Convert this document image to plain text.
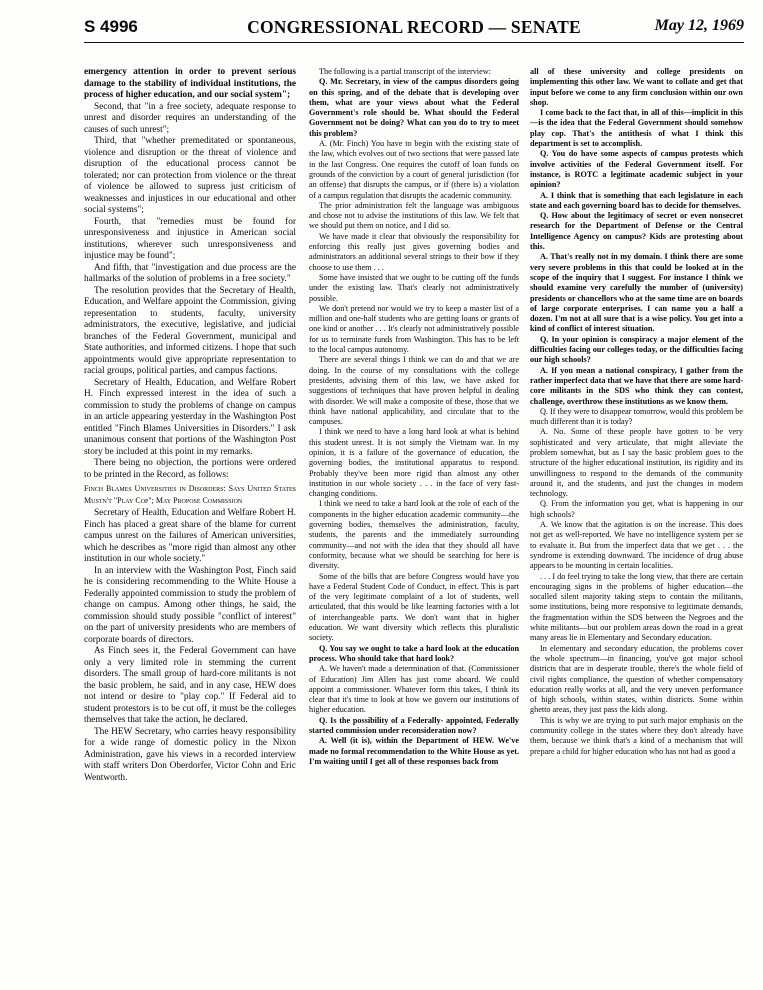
S 4996	CONGRESSIONAL RECORD — SENATE	May 12, 1969

emergency attention in order to prevent serious damage to the stability of individual institutions, the process of higher education, and our social system";

Second, that "in a free society, adequate response to unrest and disorder requires an understanding of the causes of such unrest";

Third, that "whether premeditated or spontaneous, violence and disruption or the threat of violence and disruption of the educational process cannot be tolerated; nor can protection from violence or the threat of violence be allowed to supress just criticism of weaknesses and injustices in our educational and other social systems";

Fourth, that "remedies must be found for unresponsiveness and injustice in American social institutions, wherever such unresponsiveness and injustice may be found";

And fifth, that "investigation and due process are the hallmarks of the solution of problems in a free society."

The resolution provides that the Secretary of Health, Education, and Welfare appoint the Commission, giving representation to students, faculty, university administrators, the executive, legislative, and judicial branches of the Federal Government, municipal and State authorities, and informed citizens. I hope that such appointments would give appropriate representation to racial groups, political parties, and campus factions.

Secretary of Health, Education, and Welfare Robert H. Finch expressed interest in the idea of such a commission to study the problems of change on campus in an article appearing yesterday in the Washington Post entitled "Finch Blames Universities in Disorders." I ask unanimous consent that portions of the Washington Post story be included at this point in my remarks.

There being no objection, the portions were ordered to be printed in the Record, as follows:

Finch Blames Universities in Disorders: Says United States Mustn't "Play Cop"; May Propose Commission

Secretary of Health, Education and Welfare Robert H. Finch has placed a great share of the blame for current campus unrest on the failures of American universities, which he describes as "more rigid than almost any other institution in our whole society."

In an interview with the Washington Post, Finch said he is considering recommending to the White House a Federally appointed commission to study the problem of change on campus. Among other things, he said, the commission should study possible "conflict of interest" on the part of university presidents who are members of corporate boards of directors.

As Finch sees it, the Federal Government can have only a very limited role in stemming the current disorders. The small group of hard-core militants is not the basic problem, he said, and in any case, HEW does not intend or desire to "play cop." If Federal aid to student protestors is to be cut off, it must be the colleges themselves that take the action, he declared.

The HEW Secretary, who carries heavy responsibility for a wide range of domestic policy in the Nixon Administration, gave his views in a recorded interview with staff writers Don Oberdorfer, Victor Cohn and Eric Wentworth.

The following is a partial transcript of the interview:

Q. Mr. Secretary, in view of the campus disorders going on this spring, and of the debate that is developing over them, what are your views about what the Federal Government's role should be. What should the Federal Government not be doing? What can you do to try to meet this problem?

A. (Mr. Finch) You have to begin with the existing state of the law, which evolves out of two sections that were passed late in the last Congress. One requires the cutoff of loan funds on grounds of the conviction by a court of general jurisdiction (for an offense) that disrupts the campus, or if (there is) a violation of a campus regulation that disrupts the academic community.

The prior administration felt the language was ambiguous and chose not to advise the institutions of this law. We felt that we should put them on notice, and I did so.

We have made it clear that obviously the responsibility for enforcing this really just gives governing bodies and administrators an additional several strings to their bow if they choose to use them . . .

Some have insisted that we ought to be cutting off the funds under the existing law. That's clearly not administratively possible.

We don't pretend nor would we try to keep a master list of a million and one-half students who are getting loans or grants of one kind or another . . . It's clearly not administratively possible for us to terminate funds from Washington. This has to be left to the local campus autonomy.

There are several things I think we can do and that we are doing. In the course of my consultations with the college presidents, advising them of this law, we have asked for suggestions of techniques that have proven helpful in dealing with disorder. We will make a composite of these, those that we think have national applicability, and circulate that to the campuses.

I think we need to have a long hard look at what is behind this student unrest. It is not simply the Vietnam war. In my opinion, it is a failure of the governance of education, the governing bodies, the institutional apparatus to respond. Probably they've been more rigid than almost any other institution in our whole society . . . in the face of very fast-changing conditions.

I think we need to take a hard look at the role of each of the components in the higher education academic community—the governing bodies, themselves the administration, faculty, students, the parents and the immediately surrounding community—and not with the idea that they should all have conformity, because what we should be searching for here is diversity.

Some of the bills that are before Congress would have you have a Federal Student Code of Conduct, in effect. This is part of the very legitimate complaint of a lot of students, well articulated, that this would be like learning factories with a lot of interchangeable parts. We don't want that in higher education. We want diversity which reflects this pluralistic society.

Q. You say we ought to take a hard look at the education process. Who should take that hard look?

A. We haven't made a determination of that. (Commissioner of Education) Jim Allen has just come aboard. We could appoint a commissioner. Whatever form this takes, I think its clear that it's time to look at how we govern our institutions of higher education.

Q. Is the possibility of a Federally- appointed, Federally started commission under reconsideration now?

A. Well (it is), within the Department of HEW. We've made no formal recommendation to the White House as yet. I'm waiting until I get all of these responses back from

all of these university and college presidents on implementing this other law. We want to collate and get that input before we come to any firm conclusion within our own shop.

I come back to the fact that, in all of this—implicit in this—is the idea that the Federal Government should somehow play cop. That's the antithesis of what I think this department is set to accomplish.

Q. You do have some aspects of campus protests which involve activities of the Federal Government itself. For instance, is ROTC a legitimate academic subject in your opinion?

A. I think that is something that each legislature in each state and each governing board has to decide for themselves.

Q. How about the legitimacy of secret or even nonsecret research for the Department of Defense or the Central Intelligence Agency on campus? Kids are protesting about this.

A. That's really not in my domain. I think there are some very severe problems in this that could be looked at in the scope of the inquiry that I suggest. For instance I think we should examine very carefully the number of (university) presidents or chancellors who at the same time are on boards of large corporate enterprises. I can name you a half a dozen. I'm not at all sure that is a wise policy. You get into a kind of conflict of interest situation.

Q. In your opinion is conspiracy a major element of the difficulties facing our colleges today, or the difficulties facing our high schools?

A. If you mean a national conspiracy, I gather from the rather imperfect data that we have that there are some hard-core militants in the SDS who think they can contest, challenge, overthrow these institutions as we know them.

Q. If they were to disappear tomorrow, would this problem be much different than it is today?

A. No. Some of these people have gotten to be very sophisticated and very articulate, that might alleviate the problem somewhat, but as I say the basic problem goes to the structure of the higher educational institution, its rigidity and its unwillingness to respond to the demands of the community around it, and the students, and just the changes in modern technology.

Q. From the information you get, what is happening in our high schools?

A. We know that the agitation is on the increase. This does not get as well-reported. We have no intelligence system per se to evaluate it. But from the imperfect data that we get . . . the syndrome is extending downward. The incidence of drug abuse appears to be mounting in certain localities.

. . . I do feel trying to take the long view, that there are certain encouraging signs in the problems of higher education—the socalled silent majority taking steps to contain the militants, some institutions, being more responsive to legitimate demands, the fragmentation within the SDS between the Negroes and the white militants—but our problem areas down the road in a great many areas lie in Elementary and Secondary education.

In elementary and secondary education, the problems cover the whole spectrum—in financing, you've got major school districts that are in desperate trouble, there's the whole field of civil rights compliance, the question of whether compensatory education really works at all, and the very uneven performance of high schools, within states, within districts. Some within ghetto areas, they just pass the kids along.

This is why we are trying to put such major emphasis on the community college in the states where they don't already have them, because we think that's a kind of a mechanism that will prepare a child for higher education who has not had as good a
